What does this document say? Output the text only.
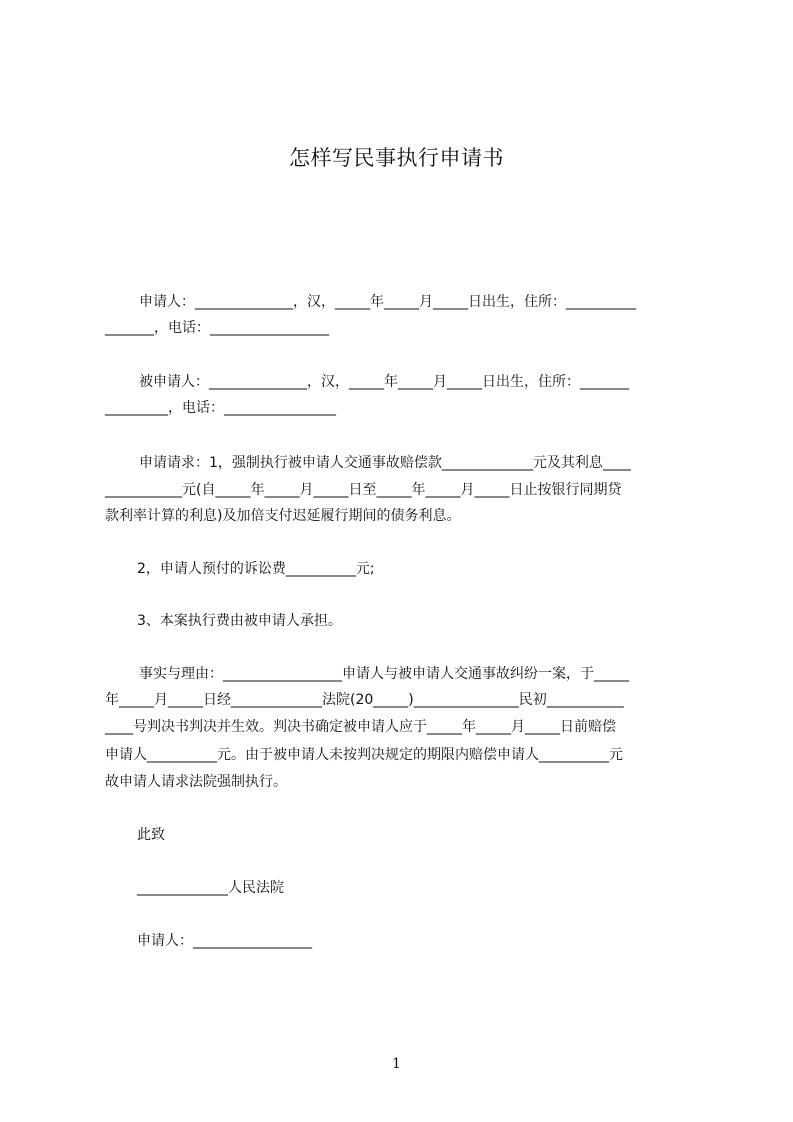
怎样写民事执行申请书
申请人：______________，汉，_____年_____月_____日出生，住所：__________
_______，电话：_________________
被申请人：______________，汉，_____年_____月_____日出生，住所：_______
_________，电话：________________
申请请求：1，强制执行被申请人交通事故赔偿款_____________元及其利息____
___________元(自_____年_____月_____日至_____年_____月_____日止按银行同期贷
款利率计算的利息)及加倍支付迟延履行期间的债务利息。
2，申请人预付的诉讼费__________元;
3、本案执行费由被申请人承担。
事实与理由：_________________申请人与被申请人交通事故纠纷一案，于_____
年_____月_____日经_____________法院(20_____)_______________民初___________
____号判决书判决并生效。判决书确定被申请人应于_____年_____月_____日前赔偿
申请人__________元。由于被申请人未按判决规定的期限内赔偿申请人__________元
故申请人请求法院强制执行。
此致
_____________人民法院
申请人：_________________
1
